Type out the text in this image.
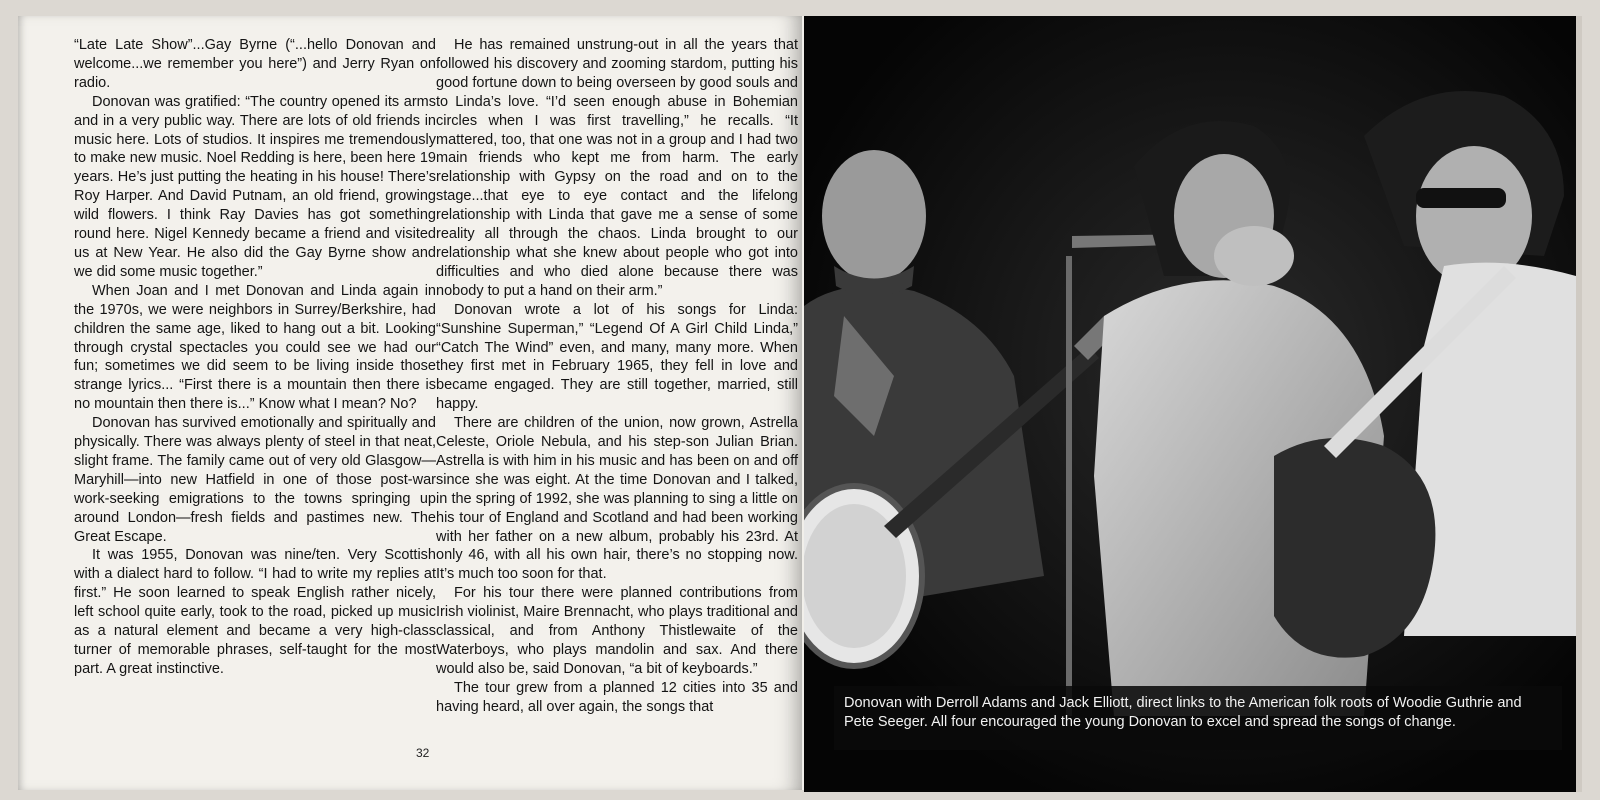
“Late Late Show”...Gay Byrne (“...hello Donovan and welcome...we remember you here”) and Jerry Ryan on radio.

Donovan was gratified: “The country opened its arms and in a very public way. There are lots of old friends in music here. Lots of studios. It inspires me tremendously to make new music. Noel Redding is here, been here 19 years. He’s just putting the heating in his house! There’s Roy Harper. And David Putnam, an old friend, growing wild flowers. I think Ray Davies has got something round here. Nigel Kennedy became a friend and visited us at New Year. He also did the Gay Byrne show and we did some music together.”

When Joan and I met Donovan and Linda again in the 1970s, we were neighbors in Surrey/Berkshire, had children the same age, liked to hang out a bit. Looking through crystal spectacles you could see we had our fun; sometimes we did seem to be living inside those strange lyrics... “First there is a mountain then there is no mountain then there is...” Know what I mean? No?

Donovan has survived emotionally and spiritually and physically. There was always plenty of steel in that neat, slight frame. The family came out of very old Glasgow—Maryhill—into new Hatfield in one of those post-war work-seeking emigrations to the towns springing up around London—fresh fields and pastimes new. The Great Escape.

It was 1955, Donovan was nine/ten. Very Scottish with a dialect hard to follow. “I had to write my replies at first.” He soon learned to speak English rather nicely, left school quite early, took to the road, picked up music as a natural element and became a very high-class turner of memorable phrases, self-taught for the most part. A great instinctive.

He has remained unstrung-out in all the years that followed his discovery and zooming stardom, putting his good fortune down to being overseen by good souls and to Linda’s love. “I’d seen enough abuse in Bohemian circles when I was first travelling,” he recalls. “It mattered, too, that one was not in a group and I had two main friends who kept me from harm. The early relationship with Gypsy on the road and on to the stage...that eye to eye contact and the lifelong relationship with Linda that gave me a sense of some reality all through the chaos. Linda brought to our relationship what she knew about people who got into difficulties and who died alone because there was nobody to put a hand on their arm.”

Donovan wrote a lot of his songs for Linda: “Sunshine Superman,” “Legend Of A Girl Child Linda,” “Catch The Wind” even, and many, many more. When they first met in February 1965, they fell in love and became engaged. They are still together, married, still happy.

There are children of the union, now grown, Astrella Celeste, Oriole Nebula, and his step-son Julian Brian. Astrella is with him in his music and has been on and off since she was eight. At the time Donovan and I talked, in the spring of 1992, she was planning to sing a little on his tour of England and Scotland and had been working with her father on a new album, probably his 23rd. At only 46, with all his own hair, there’s no stopping now. It’s much too soon for that.

For his tour there were planned contributions from Irish violinist, Maire Brennacht, who plays traditional and classical, and from Anthony Thistlewaite of the Waterboys, who plays mandolin and sax. And there would also be, said Donovan, “a bit of keyboards.”

The tour grew from a planned 12 cities into 35 and having heard, all over again, the songs that

32
Donovan with Derroll Adams and Jack Elliott, direct links to the American folk roots of Woodie Guthrie and Pete Seeger. All four encouraged the young Donovan to excel and spread the songs of change.
